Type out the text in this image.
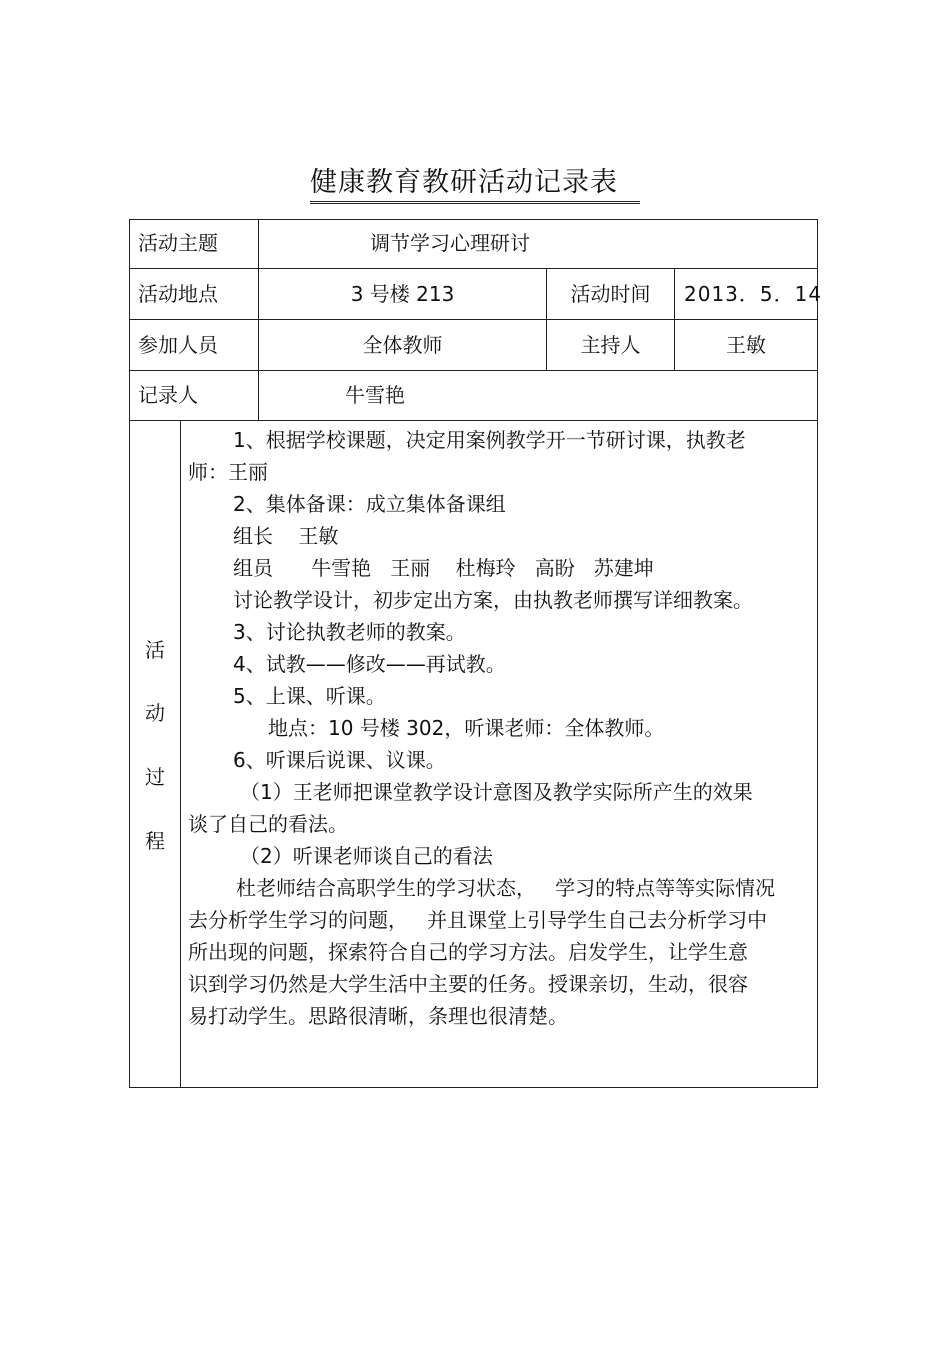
健康教育教研活动记录表
活动主题	调节学习心理研讨
活动地点	3 号楼 213	活动时间	2013．5．14
参加人员	全体教师	主持人	王敏
记录人	牛雪艳
活
动
过
程

1、根据学校课题，决定用案例教学开一节研讨课，执教老

师：王丽

2、集体备课：成立集体备课组

组长    王敏

组员      牛雪艳   王丽    杜梅玲   高盼   苏建坤

讨论教学设计，初步定出方案，由执教老师撰写详细教案。

3、讨论执教老师的教案。

4、试教——修改——再试教。

5、上课、听课。

地点：10 号楼 302，听课老师：全体教师。

6、听课后说课、议课。

（1）王老师把课堂教学设计意图及教学实际所产生的效果

谈了自己的看法。

（2）听课老师谈自己的看法

杜老师结合高职学生的学习状态，   学习的特点等等实际情况

去分析学生学习的问题，   并且课堂上引导学生自己去分析学习中

所出现的问题，探索符合自己的学习方法。启发学生，让学生意

识到学习仍然是大学生活中主要的任务。授课亲切，生动，很容

易打动学生。思路很清晰，条理也很清楚。
